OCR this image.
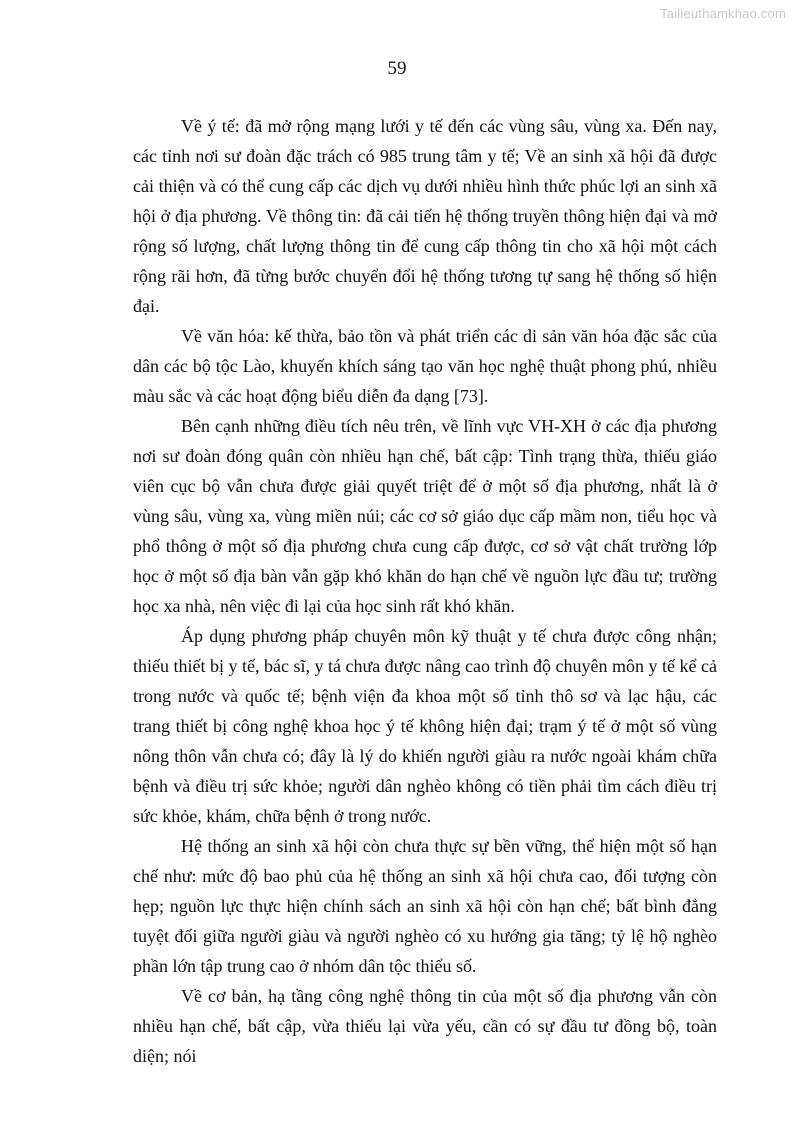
Tailieuthamkhao.com
59

Về ý tế: đã mở rộng mạng lưới y tế đến các vùng sâu, vùng xa. Đến nay, các tỉnh nơi sư đoàn đặc trách có 985 trung tâm y tế; Về an sinh xã hội đã được cải thiện và có thể cung cấp các dịch vụ dưới nhiều hình thức phúc lợi an sinh xã hội ở địa phương. Về thông tin: đã cải tiến hệ thống truyền thông hiện đại và mở rộng số lượng, chất lượng thông tin để cung cấp thông tin cho xã hội một cách rộng rãi hơn, đã từng bước chuyển đổi hệ thống tương tự sang hệ thống số hiện đại.

Về văn hóa: kế thừa, bảo tồn và phát triển các di sản văn hóa đặc sắc của dân các bộ tộc Lào, khuyến khích sáng tạo văn học nghệ thuật phong phú, nhiều màu sắc và các hoạt động biểu diễn đa dạng [73].

Bên cạnh những điều tích nêu trên, về lĩnh vực VH-XH ở các địa phương nơi sư đoàn đóng quân còn nhiều hạn chế, bất cập: Tình trạng thừa, thiếu giáo viên cục bộ vẫn chưa được giải quyết triệt để ở một số địa phương, nhất là ở vùng sâu, vùng xa, vùng miền núi; các cơ sở giáo dục cấp mầm non, tiểu học và phổ thông ở một số địa phương chưa cung cấp được, cơ sở vật chất trường lớp học ở một số địa bàn vẫn gặp khó khăn do hạn chế về nguồn lực đầu tư; trường học xa nhà, nên việc đi lại của học sinh rất khó khăn.

Áp dụng phương pháp chuyên môn kỹ thuật y tế chưa được công nhận; thiếu thiết bị y tế, bác sĩ, y tá chưa được nâng cao trình độ chuyên môn y tế kể cả trong nước và quốc tế; bệnh viện đa khoa một số tỉnh thô sơ và lạc hậu, các trang thiết bị công nghệ khoa học ý tế không hiện đại; trạm ý tế ở một số vùng nông thôn vẫn chưa có; đây là lý do khiến người giàu ra nước ngoài khám chữa bệnh và điều trị sức khỏe; người dân nghèo không có tiền phải tìm cách điều trị sức khỏe, khám, chữa bệnh ở trong nước.

Hệ thống an sinh xã hội còn chưa thực sự bền vững, thể hiện một số hạn chế như: mức độ bao phủ của hệ thống an sinh xã hội chưa cao, đối tượng còn hẹp; nguồn lực thực hiện chính sách an sinh xã hội còn hạn chế; bất bình đẳng tuyệt đối giữa người giàu và người nghèo có xu hướng gia tăng; tỷ lệ hộ nghèo phần lớn tập trung cao ở nhóm dân tộc thiểu số.

Về cơ bản, hạ tầng công nghệ thông tin của một số địa phương vẫn còn nhiều hạn chế, bất cập, vừa thiếu lại vừa yếu, cần có sự đầu tư đồng bộ, toàn diện; nói
